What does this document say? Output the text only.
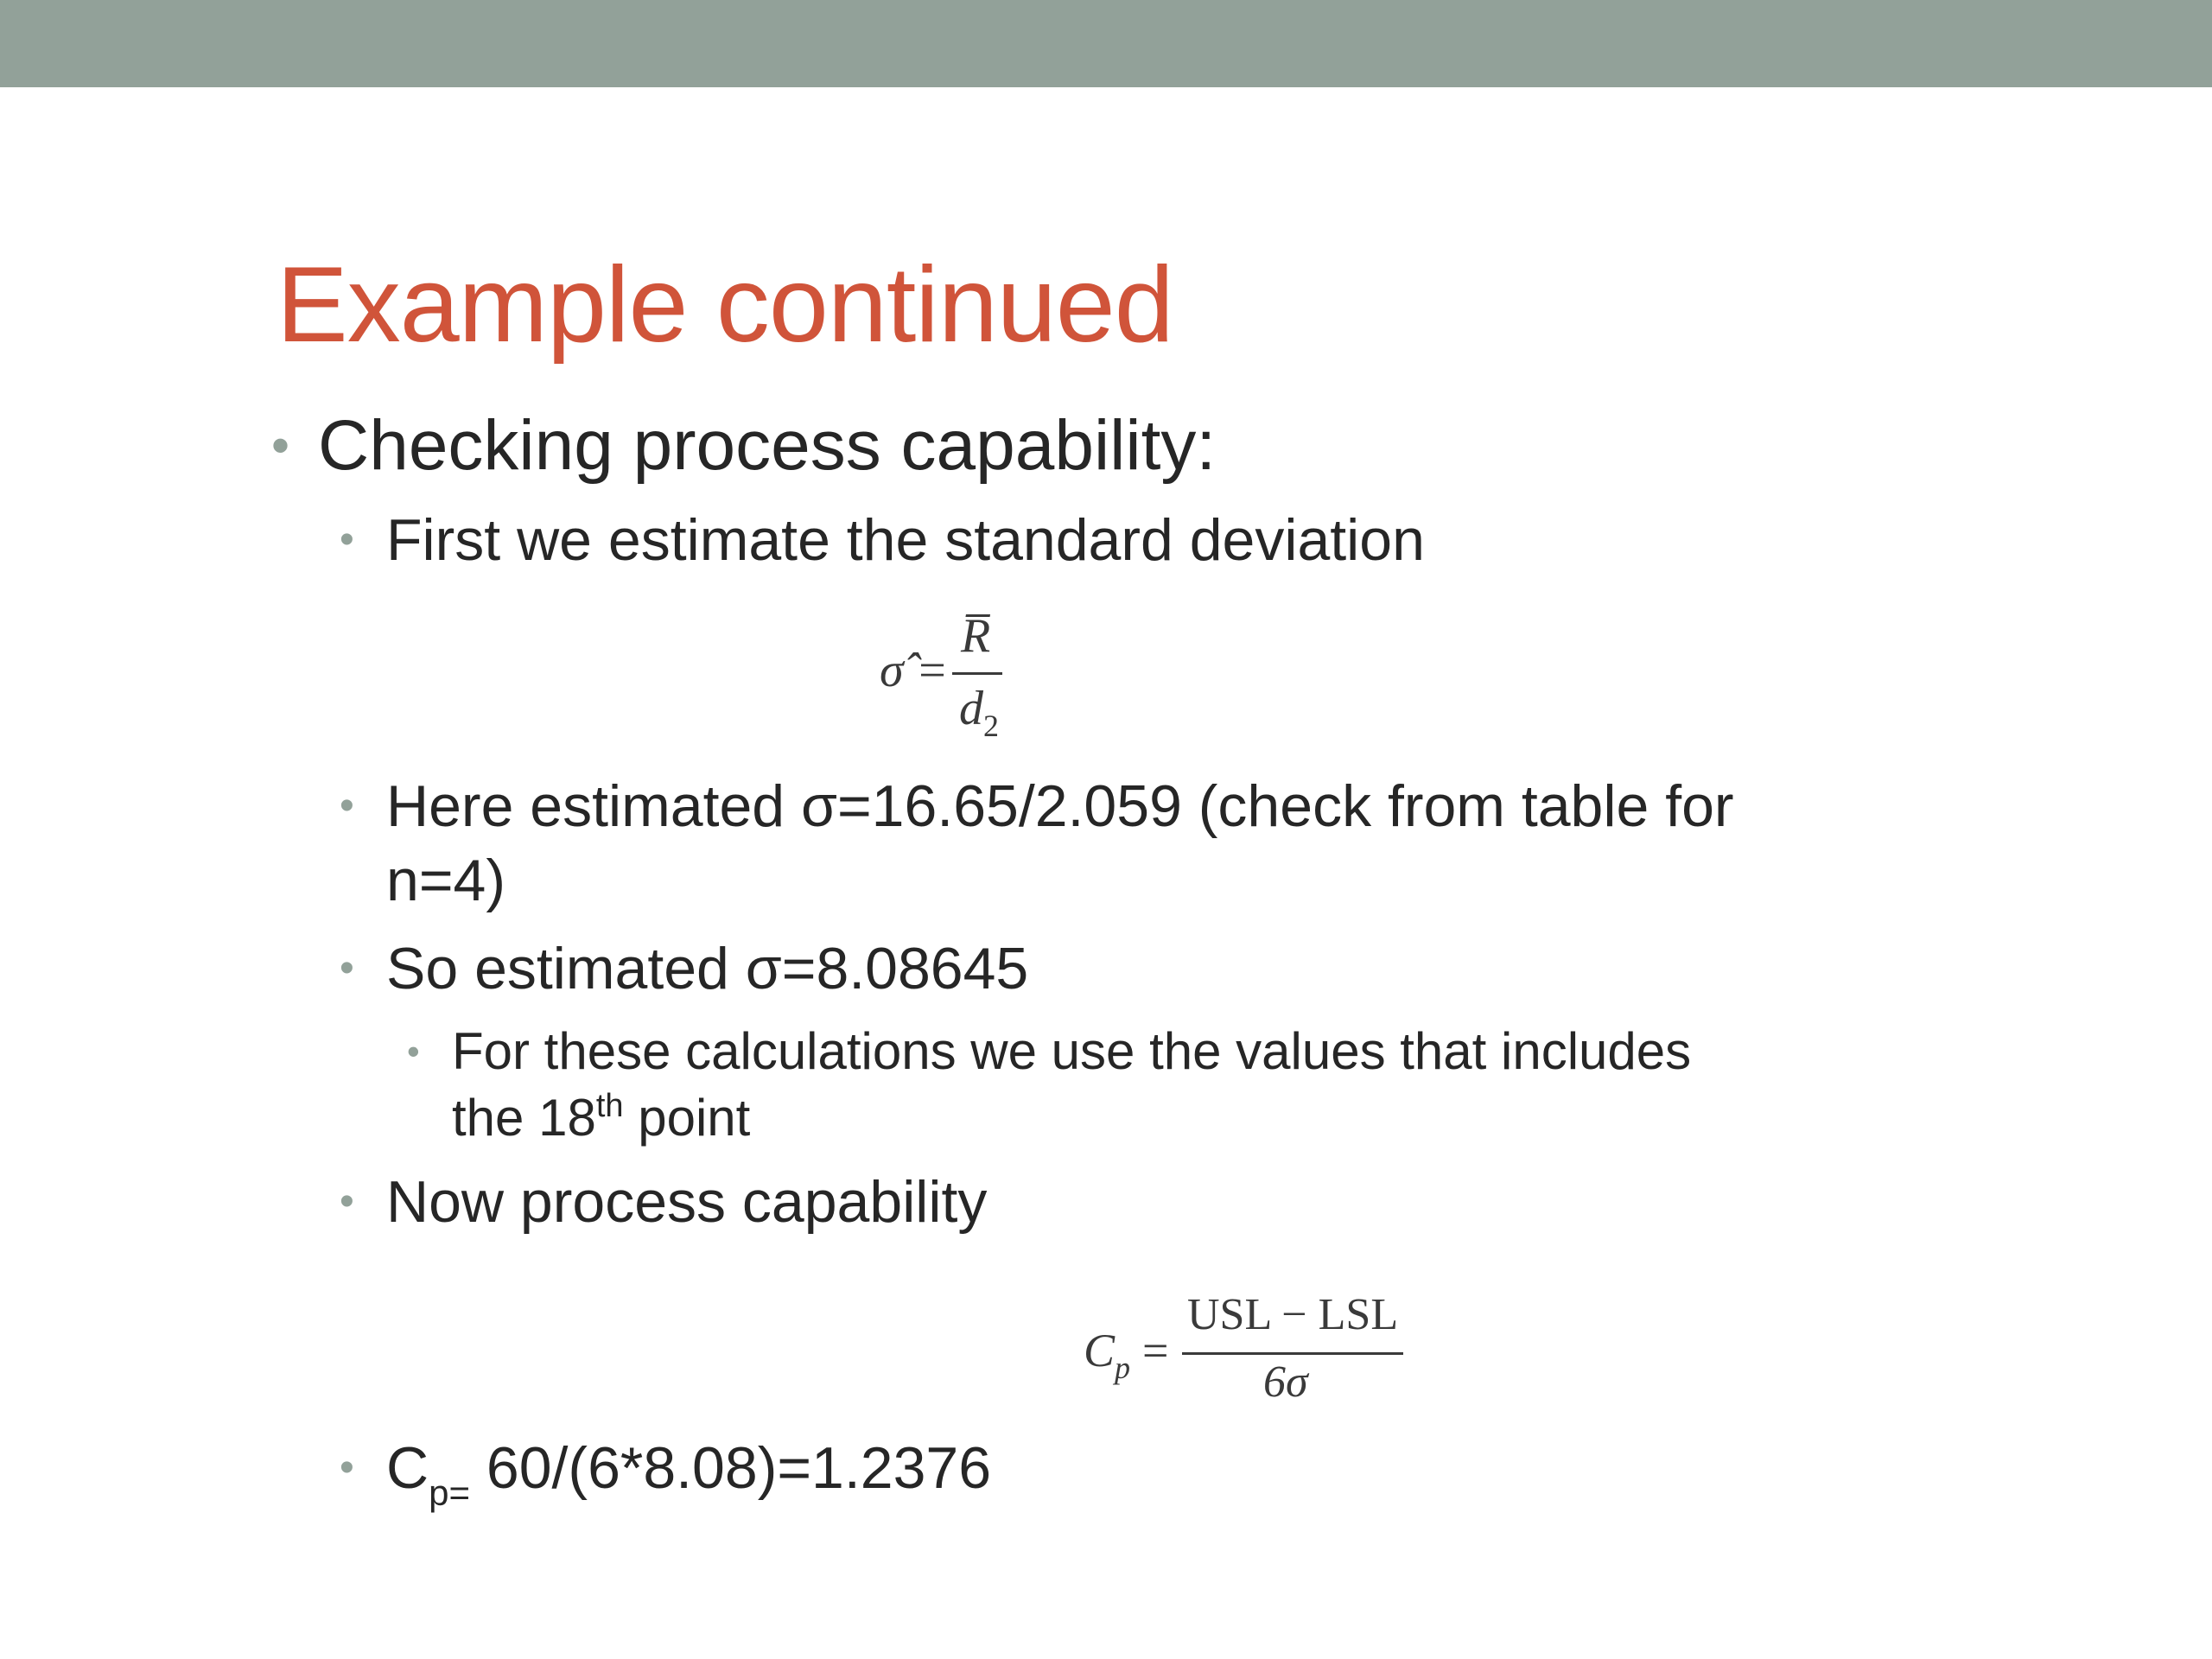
Example continued
• Checking process capability:
• First we estimate the standard deviation
σ̂ =
R̅
$d_2$
• Here estimated σ=16.65/2.059 (check from table for
n=4)
• So estimated σ=8.08645
• For these calculations we use the values that includes
the 18th point
• Now process capability
$C_p$ =
USL − LSL
6σ
• $C_{p=}$ 60/(6*8.08)=1.2376
